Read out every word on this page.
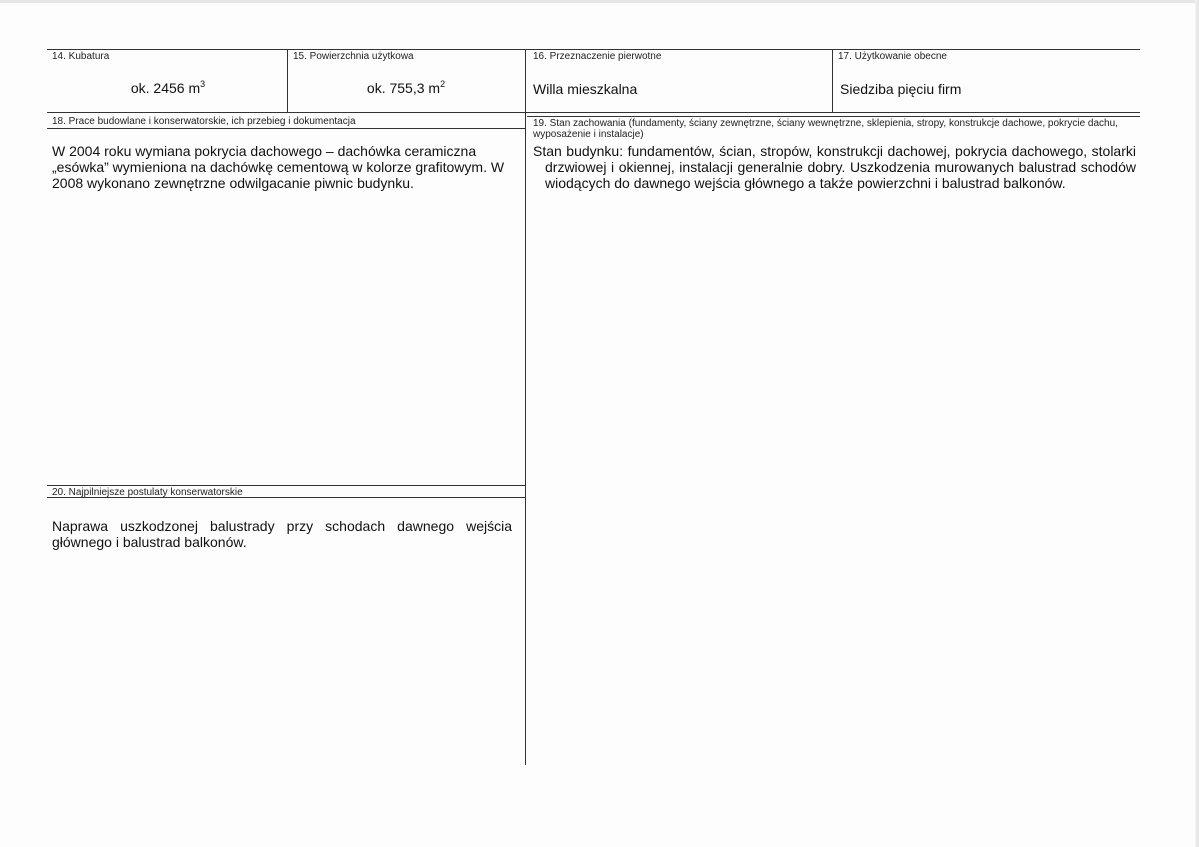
14. Kubatura
ok. 2456 $m^3$
15. Powierzchnia użytkowa
ok. 755,3 $m^2$
16. Przeznaczenie pierwotne
Willa mieszkalna
17. Użytkowanie obecne
Siedziba pięciu firm
18. Prace budowlane i konserwatorskie, ich przebieg i dokumentacja
W 2004 roku wymiana pokrycia dachowego – dachówka ceramiczna „esówka” wymieniona na dachówkę cementową w kolorze grafitowym. W 2008 wykonano zewnętrzne odwilgacanie piwnic budynku.
19. Stan zachowania (fundamenty, ściany zewnętrzne, ściany wewnętrzne, sklepienia, stropy, konstrukcje dachowe, pokrycie dachu, wyposażenie i instalacje)
Stan budynku: fundamentów, ścian, stropów, konstrukcji dachowej, pokrycia dachowego, stolarki drzwiowej i okiennej, instalacji generalnie dobry. Uszkodzenia murowanych balustrad schodów wiodących do dawnego wejścia głównego a także powierzchni i balustrad balkonów.
20. Najpilniejsze postulaty konserwatorskie
Naprawa uszkodzonej balustrady przy schodach dawnego wejścia głównego i balustrad balkonów.
